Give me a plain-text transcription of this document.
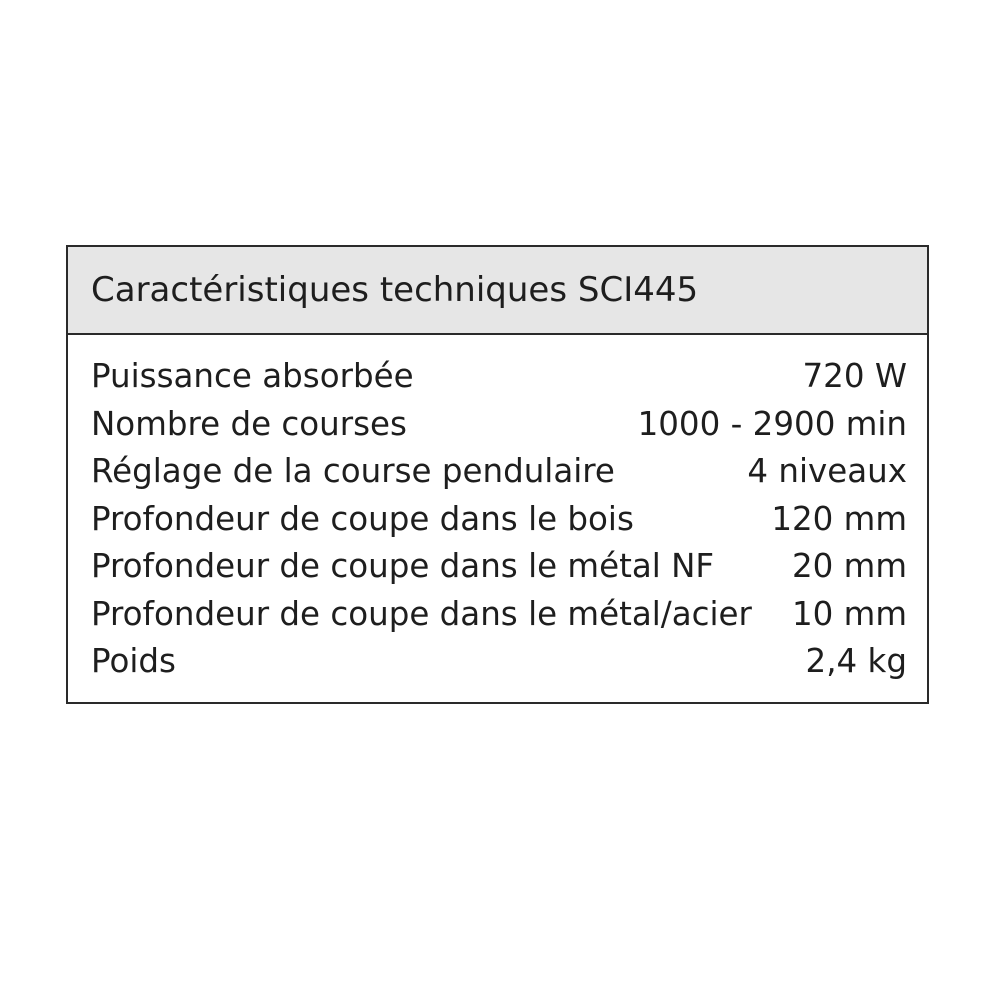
Caractéristiques techniques SCI445
Puissance absorbée	720 W
Nombre de courses	1000 - 2900 min
Réglage de la course pendulaire	4 niveaux
Profondeur de coupe dans le bois	120 mm
Profondeur de coupe dans le métal NF 20 mm
Profondeur de coupe dans le métal/acier 10 mm
Poids	2,4 kg
